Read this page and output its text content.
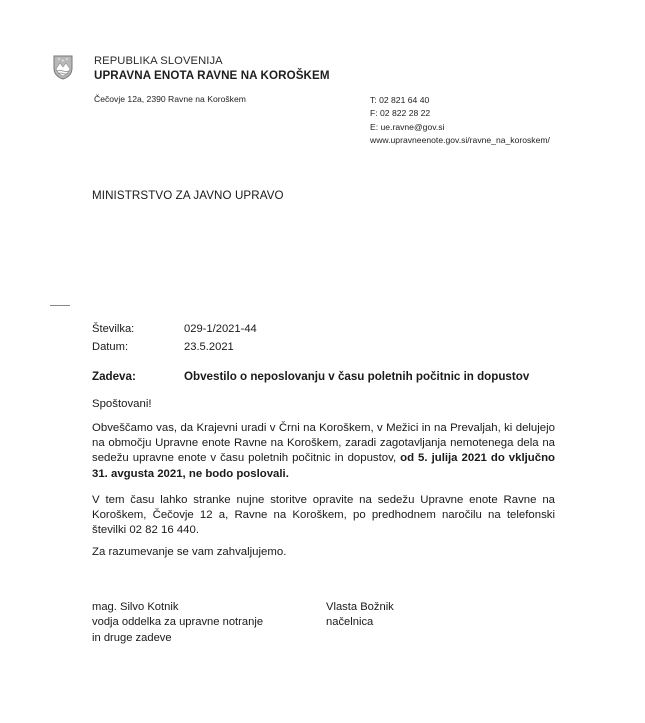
REPUBLIKA SLOVENIJA
UPRAVNA ENOTA RAVNE NA KOROŠKEM
Čečovje 12a, 2390 Ravne na Koroškem	T: 02 821 64 40
F: 02 822 28 22
E: ue.ravne@gov.si
www.upravneenote.gov.si/ravne_na_koroskem/
MINISTRSTVO ZA JAVNO UPRAVO
Številka:	029-1/2021-44
Datum:	23.5.2021
Zadeva:	Obvestilo o neposlovanju v času poletnih počitnic in dopustov
Spoštovani!
Obveščamo vas, da Krajevni uradi v Črni na Koroškem, v Mežici in na Prevaljah, ki delujejo na območju Upravne enote Ravne na Koroškem, zaradi zagotavljanja nemotenega dela na sedežu upravne enote v času poletnih počitnic in dopustov, od 5. julija 2021 do vključno 31. avgusta 2021, ne bodo poslovali.
V tem času lahko stranke nujne storitve opravite na sedežu Upravne enote Ravne na Koroškem, Čečovje 12 a, Ravne na Koroškem, po predhodnem naročilu na telefonski številki 02 82 16 440.
Za razumevanje se vam zahvaljujemo.
mag. Silvo Kotnik
vodja oddelka za upravne notranje
in druge zadeve
Vlasta Božnik
načelnica
